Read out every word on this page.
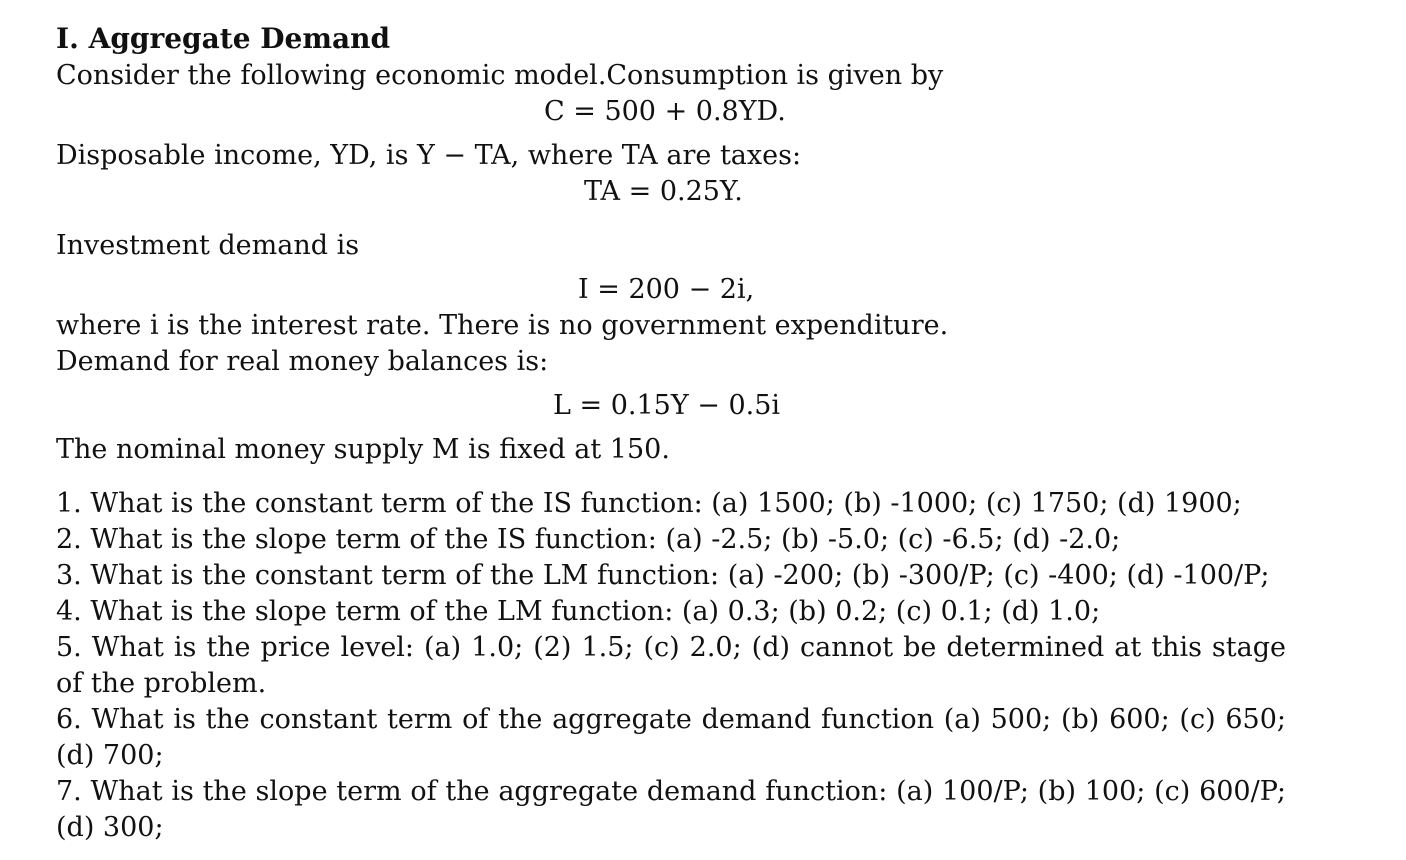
I. Aggregate Demand
Consider the following economic model.Consumption is given by
C = 500 + 0.8YD.
Disposable income, YD, is Y − TA, where TA are taxes:
TA = 0.25Y.
Investment demand is
I = 200 − 2i,
where i is the interest rate. There is no government expenditure.
Demand for real money balances is:
L = 0.15Y − 0.5i
The nominal money supply M is fixed at 150.
1. What is the constant term of the IS function: (a) 1500; (b) -1000; (c) 1750; (d) 1900;
2. What is the slope term of the IS function: (a) -2.5; (b) -5.0; (c) -6.5; (d) -2.0;
3. What is the constant term of the LM function: (a) -200; (b) -300/P; (c) -400; (d) -100/P;
4. What is the slope term of the LM function: (a) 0.3; (b) 0.2; (c) 0.1; (d) 1.0;
5. What is the price level: (a) 1.0; (2) 1.5; (c) 2.0; (d) cannot be determined at this stage of the problem.
6. What is the constant term of the aggregate demand function (a) 500; (b) 600; (c) 650; (d) 700;
7. What is the slope term of the aggregate demand function: (a) 100/P; (b) 100; (c) 600/P; (d) 300;
